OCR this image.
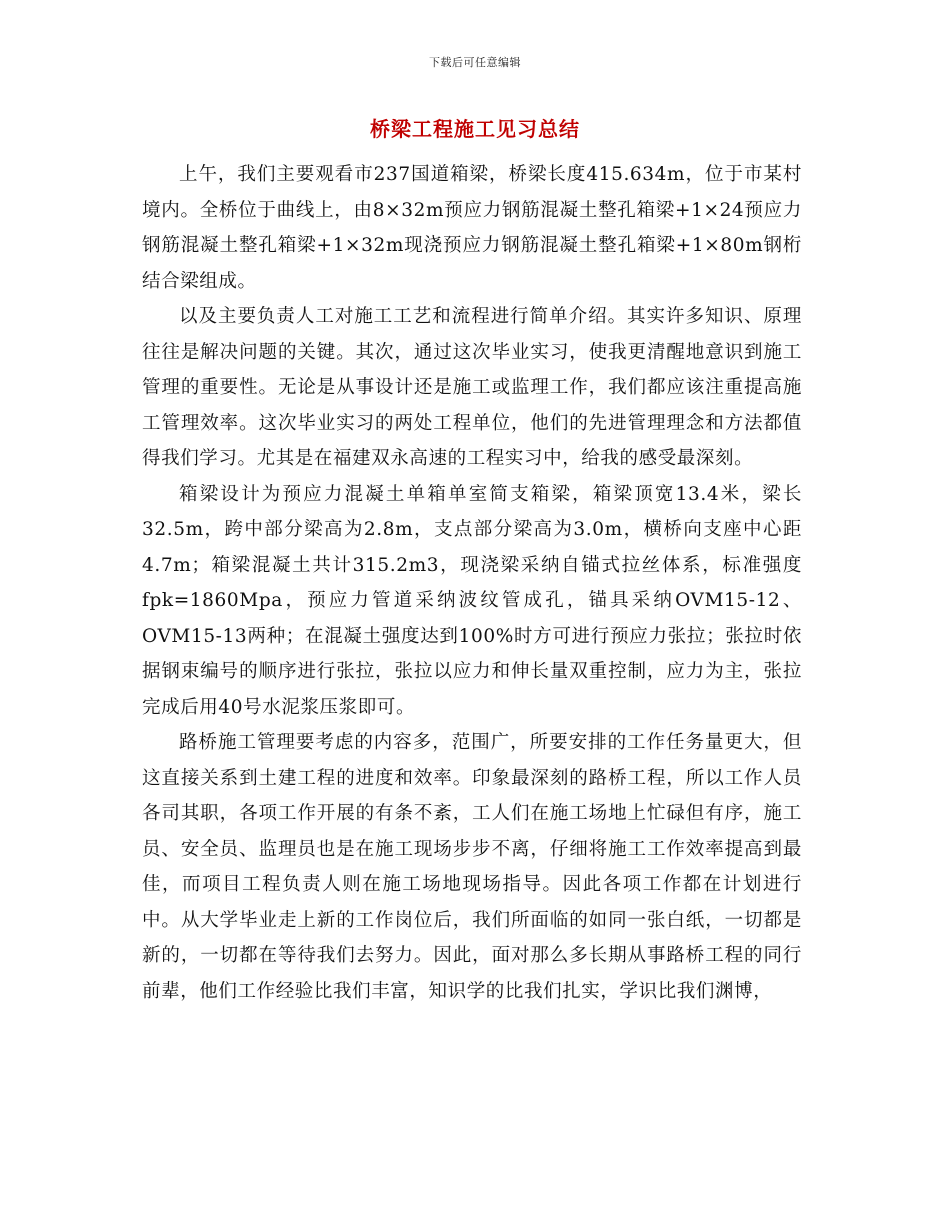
下载后可任意编辑
桥梁工程施工见习总结

上午，我们主要观看市237国道箱梁，桥梁长度415.634m，位于市某村境内。全桥位于曲线上，由8×32m预应力钢筋混凝土整孔箱梁+1×24预应力钢筋混凝土整孔箱梁+1×32m现浇预应力钢筋混凝土整孔箱梁+1×80m钢桁结合梁组成。

以及主要负责人工对施工工艺和流程进行简单介绍。其实许多知识、原理往往是解决问题的关键。其次，通过这次毕业实习，使我更清醒地意识到施工管理的重要性。无论是从事设计还是施工或监理工作，我们都应该注重提高施工管理效率。这次毕业实习的两处工程单位，他们的先进管理理念和方法都值得我们学习。尤其是在福建双永高速的工程实习中，给我的感受最深刻。

箱梁设计为预应力混凝土单箱单室简支箱梁，箱梁顶宽13.4米，梁长32.5m，跨中部分梁高为2.8m，支点部分梁高为3.0m，横桥向支座中心距4.7m；箱梁混凝土共计315.2m3，现浇梁采纳自锚式拉丝体系，标准强度fpk=1860Mpa，预应力管道采纳波纹管成孔，锚具采纳OVM15-12、OVM15-13两种；在混凝土强度达到100%时方可进行预应力张拉；张拉时依据钢束编号的顺序进行张拉，张拉以应力和伸长量双重控制，应力为主，张拉完成后用40号水泥浆压浆即可。

路桥施工管理要考虑的内容多，范围广，所要安排的工作任务量更大，但这直接关系到土建工程的进度和效率。印象最深刻的路桥工程，所以工作人员各司其职，各项工作开展的有条不紊，工人们在施工场地上忙碌但有序，施工员、安全员、监理员也是在施工现场步步不离，仔细将施工工作效率提高到最佳，而项目工程负责人则在施工场地现场指导。因此各项工作都在计划进行中。从大学毕业走上新的工作岗位后，我们所面临的如同一张白纸，一切都是新的，一切都在等待我们去努力。因此，面对那么多长期从事路桥工程的同行前辈，他们工作经验比我们丰富，知识学的比我们扎实，学识比我们渊博，
